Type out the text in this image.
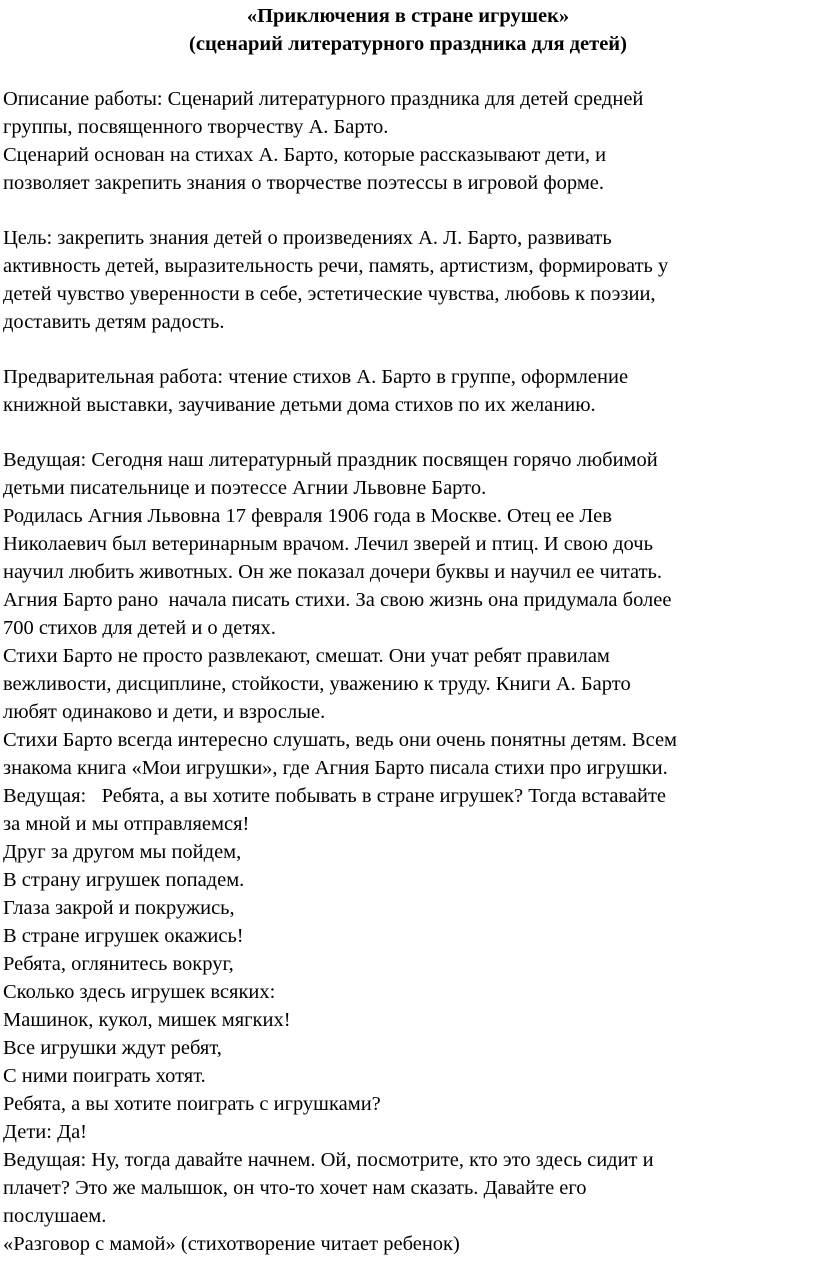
«Приключения в стране игрушек»
(сценарий литературного праздника для детей)
Описание работы: Сценарий литературного праздника для детей средней
группы, посвященного творчеству А. Барто.
Сценарий основан на стихах А. Барто, которые рассказывают дети, и
позволяет закрепить знания о творчестве поэтессы в игровой форме.
Цель: закрепить знания детей о произведениях А. Л. Барто, развивать
активность детей, выразительность речи, память, артистизм, формировать у
детей чувство уверенности в себе, эстетические чувства, любовь к поэзии,
доставить детям радость.
Предварительная работа: чтение стихов А. Барто в группе, оформление
книжной выставки, заучивание детьми дома стихов по их желанию.
Ведущая: Сегодня наш литературный праздник посвящен горячо любимой
детьми писательнице и поэтессе Агнии Львовне Барто.
Родилась Агния Львовна 17 февраля 1906 года в Москве. Отец ее Лев
Николаевич был ветеринарным врачом. Лечил зверей и птиц. И свою дочь
научил любить животных. Он же показал дочери буквы и научил ее читать.
Агния Барто рано  начала писать стихи. За свою жизнь она придумала более
700 стихов для детей и о детях.
Стихи Барто не просто развлекают, смешат. Они учат ребят правилам
вежливости, дисциплине, стойкости, уважению к труду. Книги А. Барто
любят одинаково и дети, и взрослые.
Стихи Барто всегда интересно слушать, ведь они очень понятны детям. Всем
знакома книга «Мои игрушки», где Агния Барто писала стихи про игрушки.
Ведущая:   Ребята, а вы хотите побывать в стране игрушек? Тогда вставайте
за мной и мы отправляемся!
Друг за другом мы пойдем,
В страну игрушек попадем.
Глаза закрой и покружись,
В стране игрушек окажись!
Ребята, оглянитесь вокруг,
Сколько здесь игрушек всяких:
Машинок, кукол, мишек мягких!
Все игрушки ждут ребят,
С ними поиграть хотят.
Ребята, а вы хотите поиграть с игрушками?
Дети: Да!
Ведущая: Ну, тогда давайте начнем. Ой, посмотрите, кто это здесь сидит и
плачет? Это же малышок, он что-то хочет нам сказать. Давайте его
послушаем.
«Разговор с мамой» (стихотворение читает ребенок)
